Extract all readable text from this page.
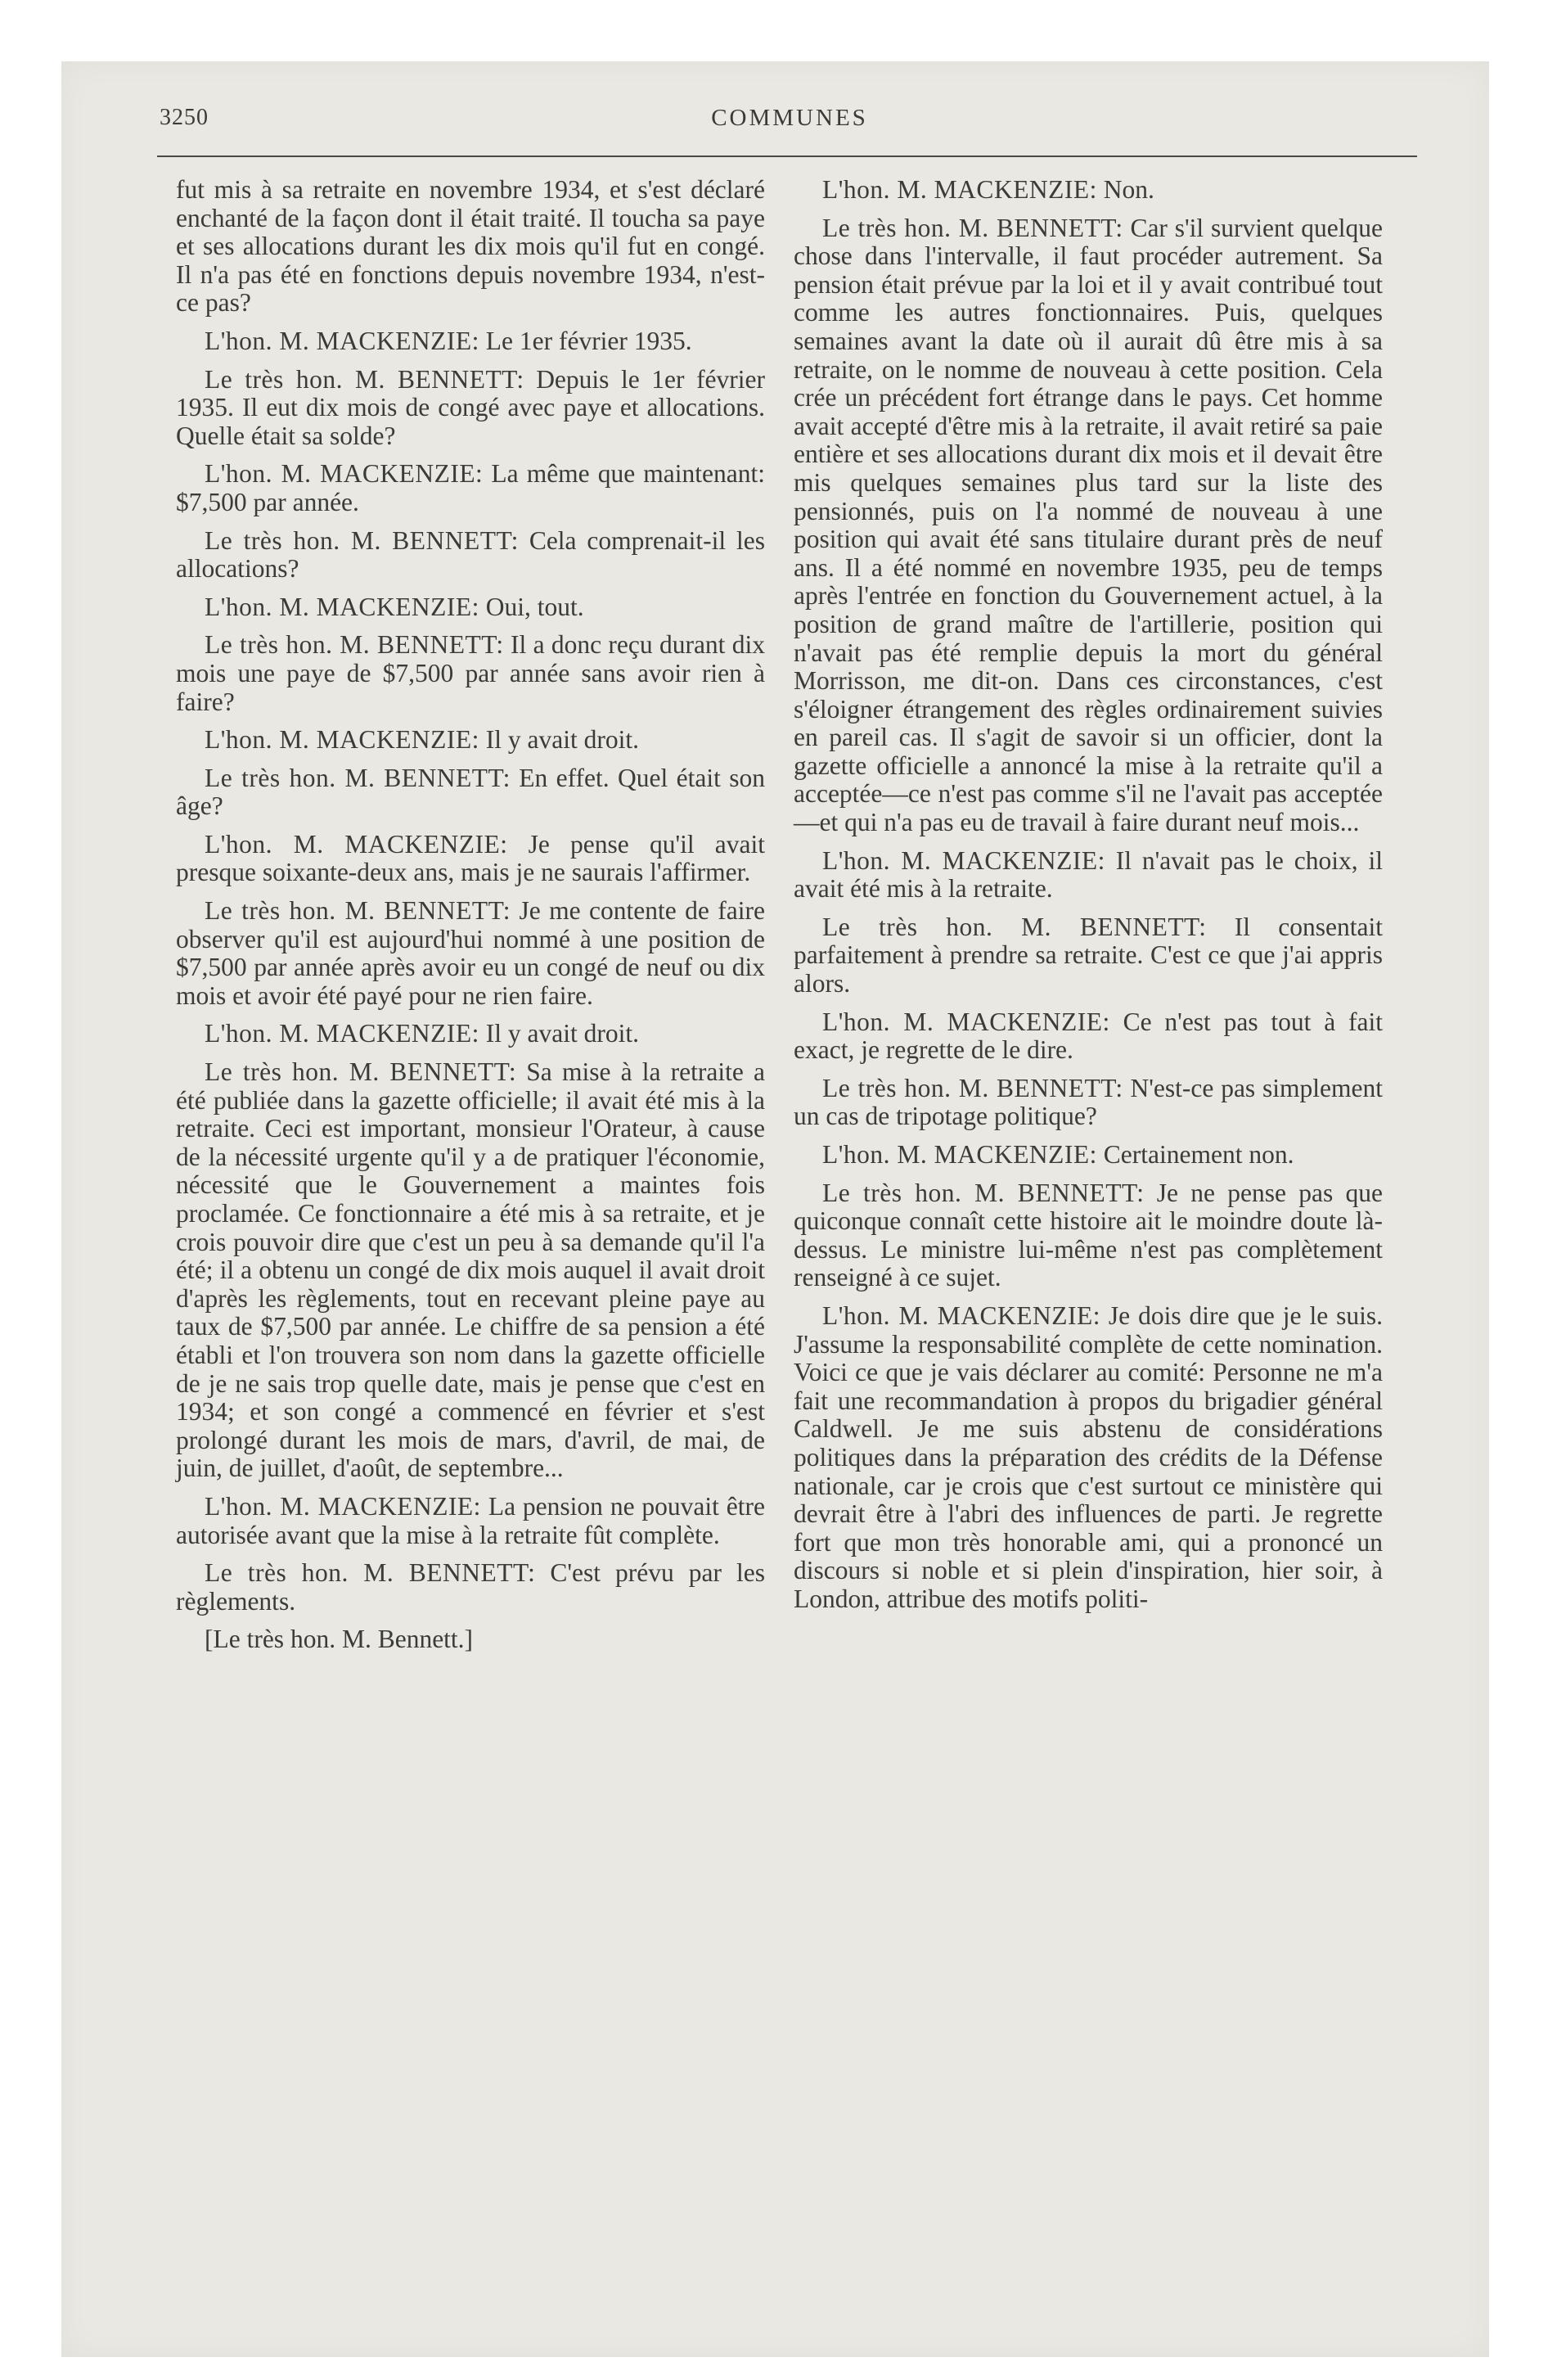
3250	COMMUNES

fut mis à sa retraite en novembre 1934, et s'est déclaré enchanté de la façon dont il était traité. Il toucha sa paye et ses allocations durant les dix mois qu'il fut en congé. Il n'a pas été en fonctions depuis novembre 1934, n'est-ce pas?

L'hon. M. MACKENZIE: Le 1er février 1935.

Le très hon. M. BENNETT: Depuis le 1er février 1935. Il eut dix mois de congé avec paye et allocations. Quelle était sa solde?

L'hon. M. MACKENZIE: La même que maintenant: $7,500 par année.

Le très hon. M. BENNETT: Cela comprenait-il les allocations?

L'hon. M. MACKENZIE: Oui, tout.

Le très hon. M. BENNETT: Il a donc reçu durant dix mois une paye de $7,500 par année sans avoir rien à faire?

L'hon. M. MACKENZIE: Il y avait droit.

Le très hon. M. BENNETT: En effet. Quel était son âge?

L'hon. M. MACKENZIE: Je pense qu'il avait presque soixante-deux ans, mais je ne saurais l'affirmer.

Le très hon. M. BENNETT: Je me contente de faire observer qu'il est aujourd'hui nommé à une position de $7,500 par année après avoir eu un congé de neuf ou dix mois et avoir été payé pour ne rien faire.

L'hon. M. MACKENZIE: Il y avait droit.

Le très hon. M. BENNETT: Sa mise à la retraite a été publiée dans la gazette officielle; il avait été mis à la retraite. Ceci est important, monsieur l'Orateur, à cause de la nécessité urgente qu'il y a de pratiquer l'économie, nécessité que le Gouvernement a maintes fois proclamée. Ce fonctionnaire a été mis à sa retraite, et je crois pouvoir dire que c'est un peu à sa demande qu'il l'a été; il a obtenu un congé de dix mois auquel il avait droit d'après les règlements, tout en recevant pleine paye au taux de $7,500 par année. Le chiffre de sa pension a été établi et l'on trouvera son nom dans la gazette officielle de je ne sais trop quelle date, mais je pense que c'est en 1934; et son congé a commencé en février et s'est prolongé durant les mois de mars, d'avril, de mai, de juin, de juillet, d'août, de septembre...

L'hon. M. MACKENZIE: La pension ne pouvait être autorisée avant que la mise à la retraite fût complète.

Le très hon. M. BENNETT: C'est prévu par les règlements.

[Le très hon. M. Bennett.]

L'hon. M. MACKENZIE: Non.

Le très hon. M. BENNETT: Car s'il survient quelque chose dans l'intervalle, il faut procéder autrement. Sa pension était prévue par la loi et il y avait contribué tout comme les autres fonctionnaires. Puis, quelques semaines avant la date où il aurait dû être mis à sa retraite, on le nomme de nouveau à cette position. Cela crée un précédent fort étrange dans le pays. Cet homme avait accepté d'être mis à la retraite, il avait retiré sa paie entière et ses allocations durant dix mois et il devait être mis quelques semaines plus tard sur la liste des pensionnés, puis on l'a nommé de nouveau à une position qui avait été sans titulaire durant près de neuf ans. Il a été nommé en novembre 1935, peu de temps après l'entrée en fonction du Gouvernement actuel, à la position de grand maître de l'artillerie, position qui n'avait pas été remplie depuis la mort du général Morrisson, me dit-on. Dans ces circonstances, c'est s'éloigner étrangement des règles ordinairement suivies en pareil cas. Il s'agit de savoir si un officier, dont la gazette officielle a annoncé la mise à la retraite qu'il a acceptée—ce n'est pas comme s'il ne l'avait pas acceptée—et qui n'a pas eu de travail à faire durant neuf mois...

L'hon. M. MACKENZIE: Il n'avait pas le choix, il avait été mis à la retraite.

Le très hon. M. BENNETT: Il consentait parfaitement à prendre sa retraite. C'est ce que j'ai appris alors.

L'hon. M. MACKENZIE: Ce n'est pas tout à fait exact, je regrette de le dire.

Le très hon. M. BENNETT: N'est-ce pas simplement un cas de tripotage politique?

L'hon. M. MACKENZIE: Certainement non.

Le très hon. M. BENNETT: Je ne pense pas que quiconque connaît cette histoire ait le moindre doute là-dessus. Le ministre lui-même n'est pas complètement renseigné à ce sujet.

L'hon. M. MACKENZIE: Je dois dire que je le suis. J'assume la responsabilité complète de cette nomination. Voici ce que je vais déclarer au comité: Personne ne m'a fait une recommandation à propos du brigadier général Caldwell. Je me suis abstenu de considérations politiques dans la préparation des crédits de la Défense nationale, car je crois que c'est surtout ce ministère qui devrait être à l'abri des influences de parti. Je regrette fort que mon très honorable ami, qui a prononcé un discours si noble et si plein d'inspiration, hier soir, à London, attribue des motifs politi-
